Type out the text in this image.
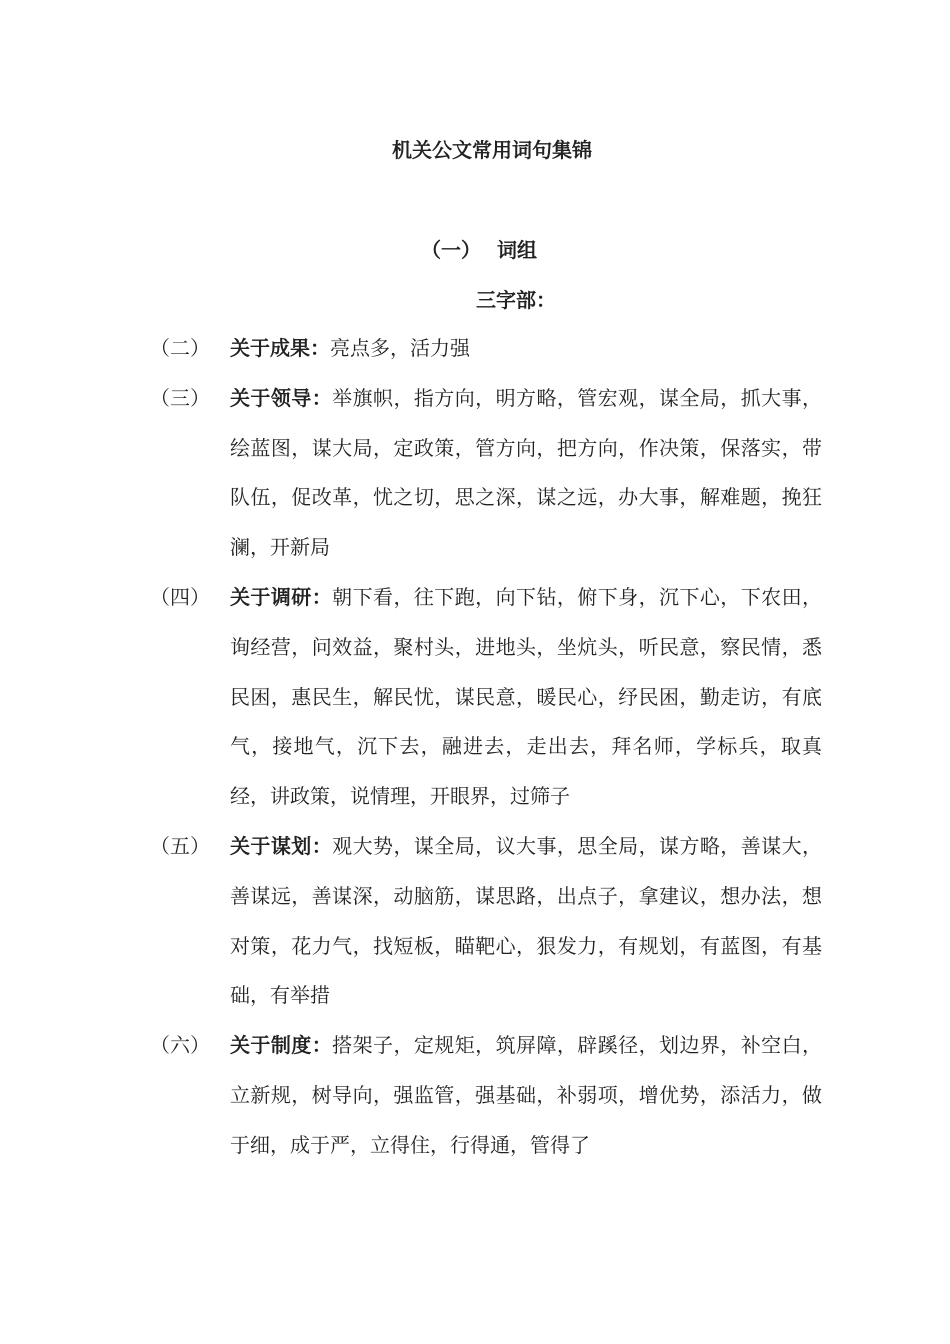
机关公文常用词句集锦
（一） 词组
三字部：
（二）	关于成果：亮点多，活力强
（三）	关于领导：举旗帜，指方向，明方略，管宏观，谋全局，抓大事，绘蓝图，谋大局，定政策，管方向，把方向，作决策，保落实，带队伍，促改革，忧之切，思之深，谋之远，办大事，解难题，挽狂澜，开新局
（四）	关于调研：朝下看，往下跑，向下钻，俯下身，沉下心，下农田，询经营，问效益，聚村头，进地头，坐炕头，听民意，察民情，悉民困，惠民生，解民忧，谋民意，暖民心，纾民困，勤走访，有底气，接地气，沉下去，融进去，走出去，拜名师，学标兵，取真经，讲政策，说情理，开眼界，过筛子
（五）	关于谋划：观大势，谋全局，议大事，思全局，谋方略，善谋大，善谋远，善谋深，动脑筋，谋思路，出点子，拿建议，想办法，想对策，花力气，找短板，瞄靶心，狠发力，有规划，有蓝图，有基础，有举措
（六）	关于制度：搭架子，定规矩，筑屏障，辟蹊径，划边界，补空白，立新规，树导向，强监管，强基础，补弱项，增优势，添活力，做于细，成于严，立得住，行得通，管得了
